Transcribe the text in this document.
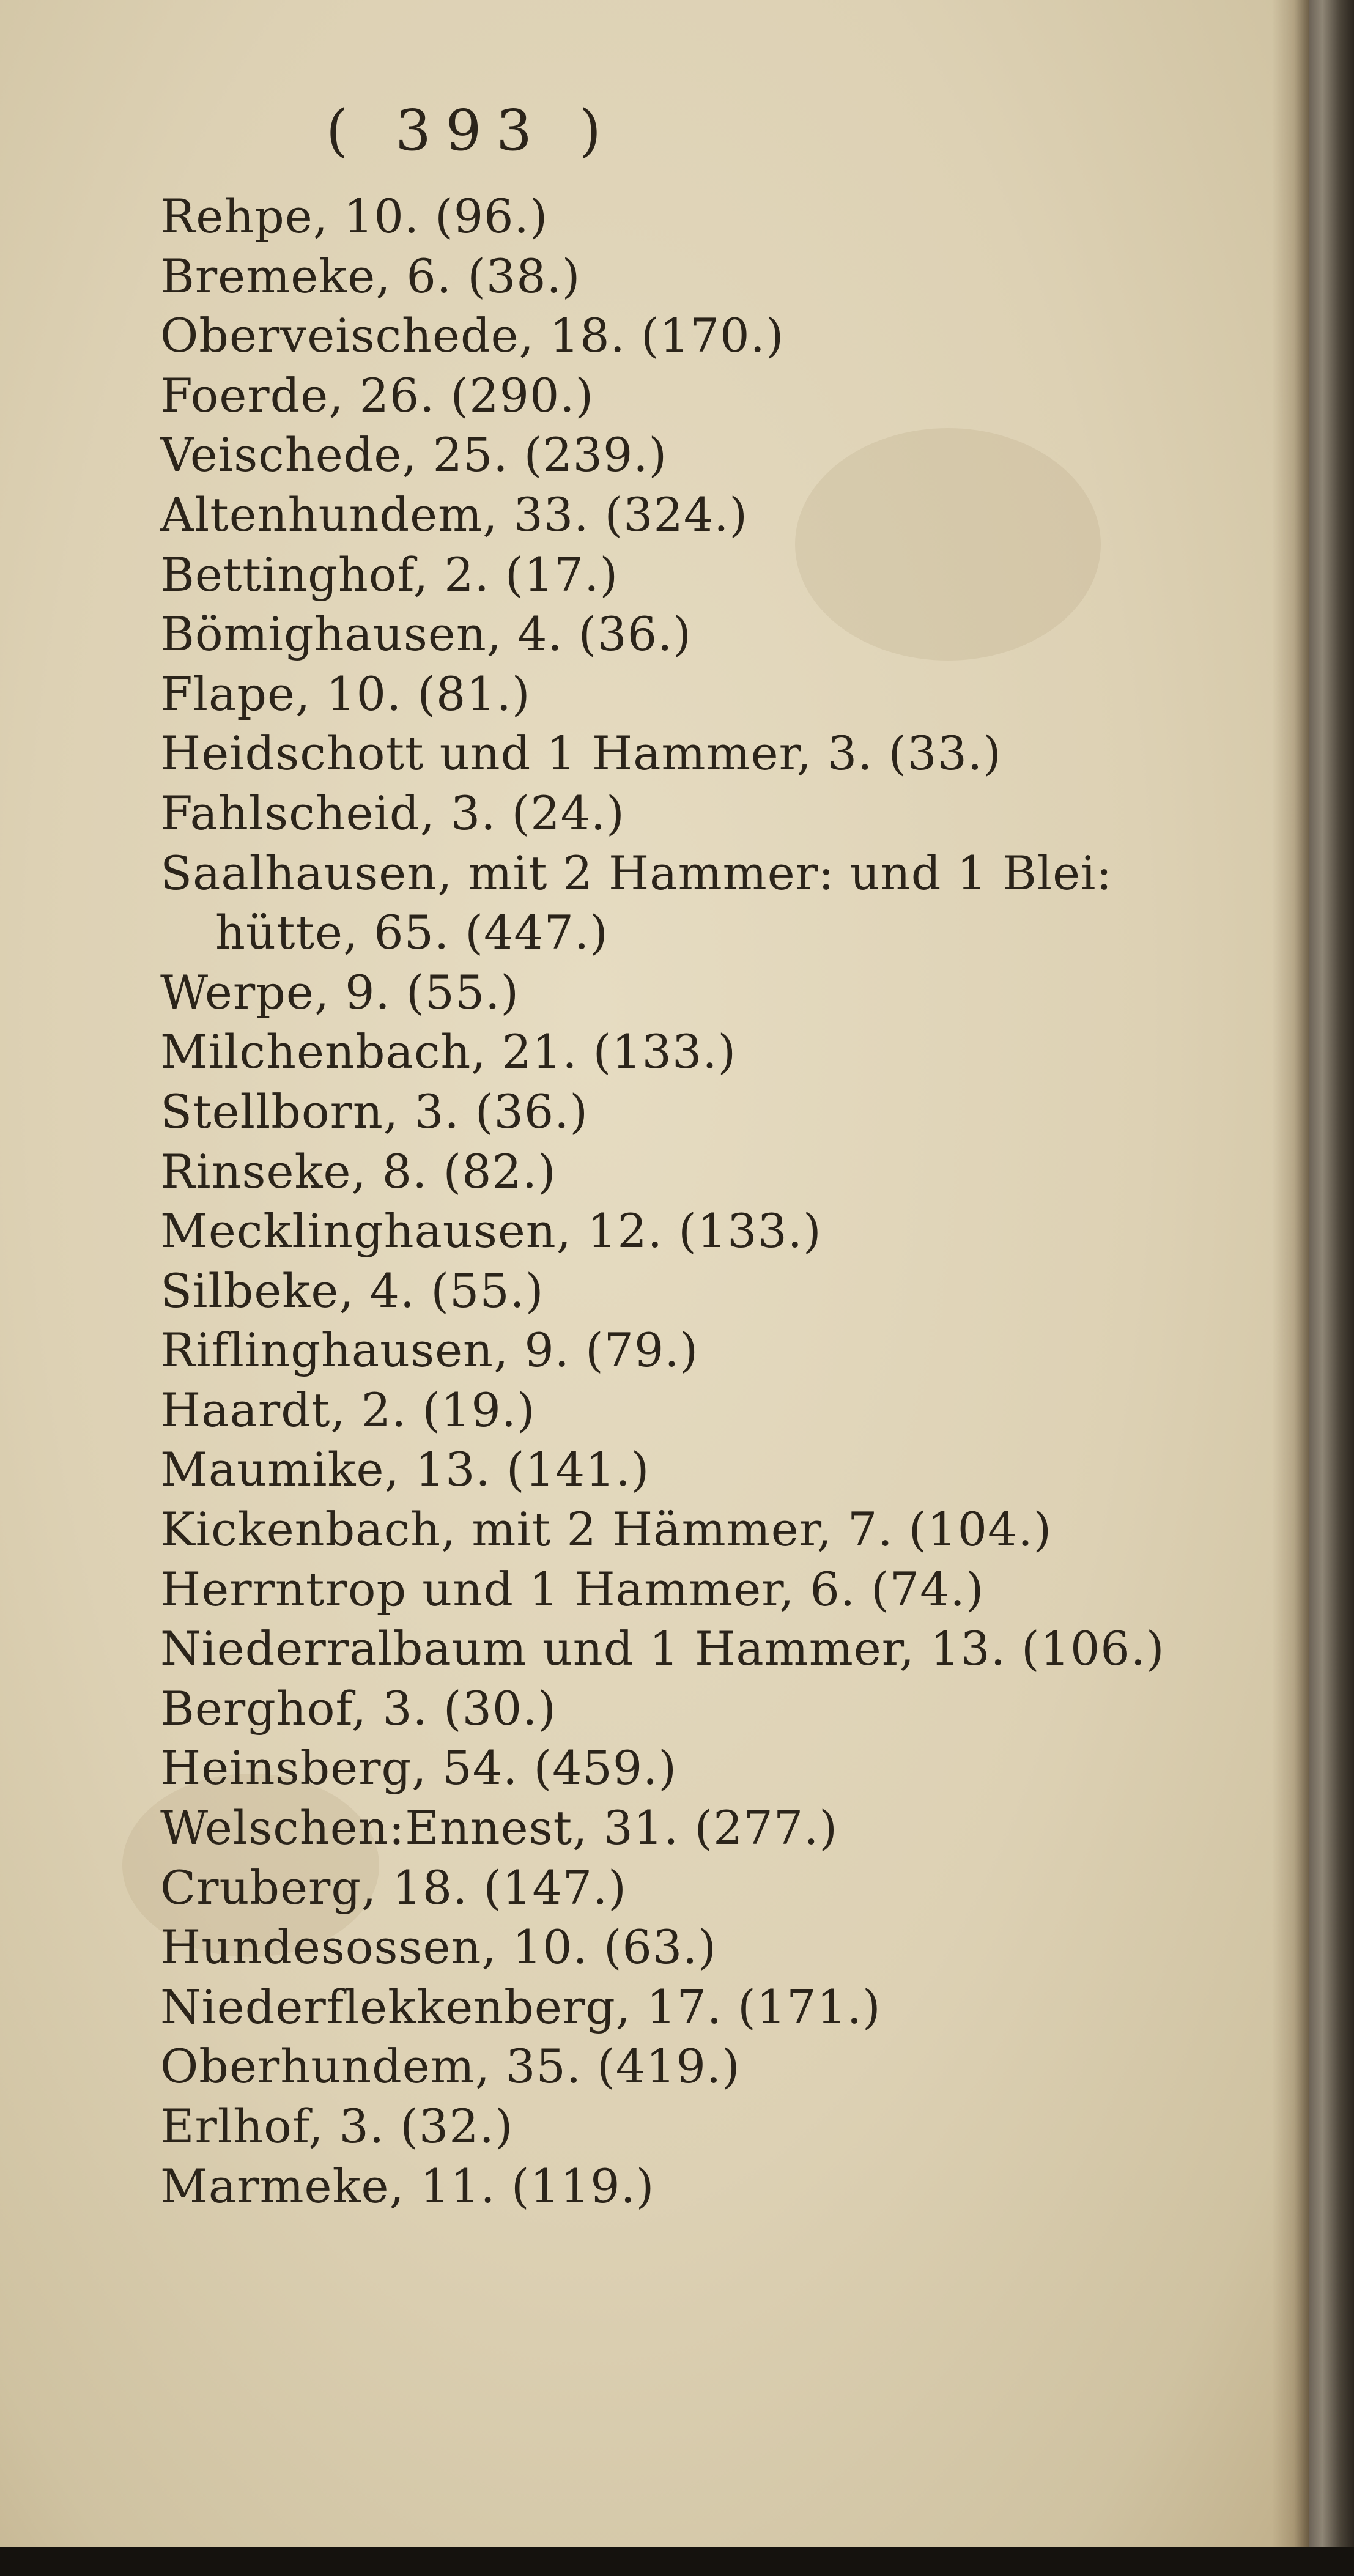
( 393 )
Rehpe, 10. (96.)
Bremeke, 6. (38.)
Oberveischede, 18. (170.)
Foerde, 26. (290.)
Veischede, 25. (239.)
Altenhundem, 33. (324.)
Bettinghof, 2. (17.)
Bömighausen, 4. (36.)
Flape, 10. (81.)
Heidschott und 1 Hammer, 3. (33.)
Fahlscheid, 3. (24.)
Saalhausen, mit 2 Hammer: und 1 Blei:
hütte, 65. (447.)
Werpe, 9. (55.)
Milchenbach, 21. (133.)
Stellborn, 3. (36.)
Rinseke, 8. (82.)
Mecklinghausen, 12. (133.)
Silbeke, 4. (55.)
Riflinghausen, 9. (79.)
Haardt, 2. (19.)
Maumike, 13. (141.)
Kickenbach, mit 2 Hämmer, 7. (104.)
Herrntrop und 1 Hammer, 6. (74.)
Niederralbaum und 1 Hammer, 13. (106.)
Berghof, 3. (30.)
Heinsberg, 54. (459.)
Welschen:Ennest, 31. (277.)
Cruberg, 18. (147.)
Hundesossen, 10. (63.)
Niederflekkenberg, 17. (171.)
Oberhundem, 35. (419.)
Erlhof, 3. (32.)
Marmeke, 11. (119.)
